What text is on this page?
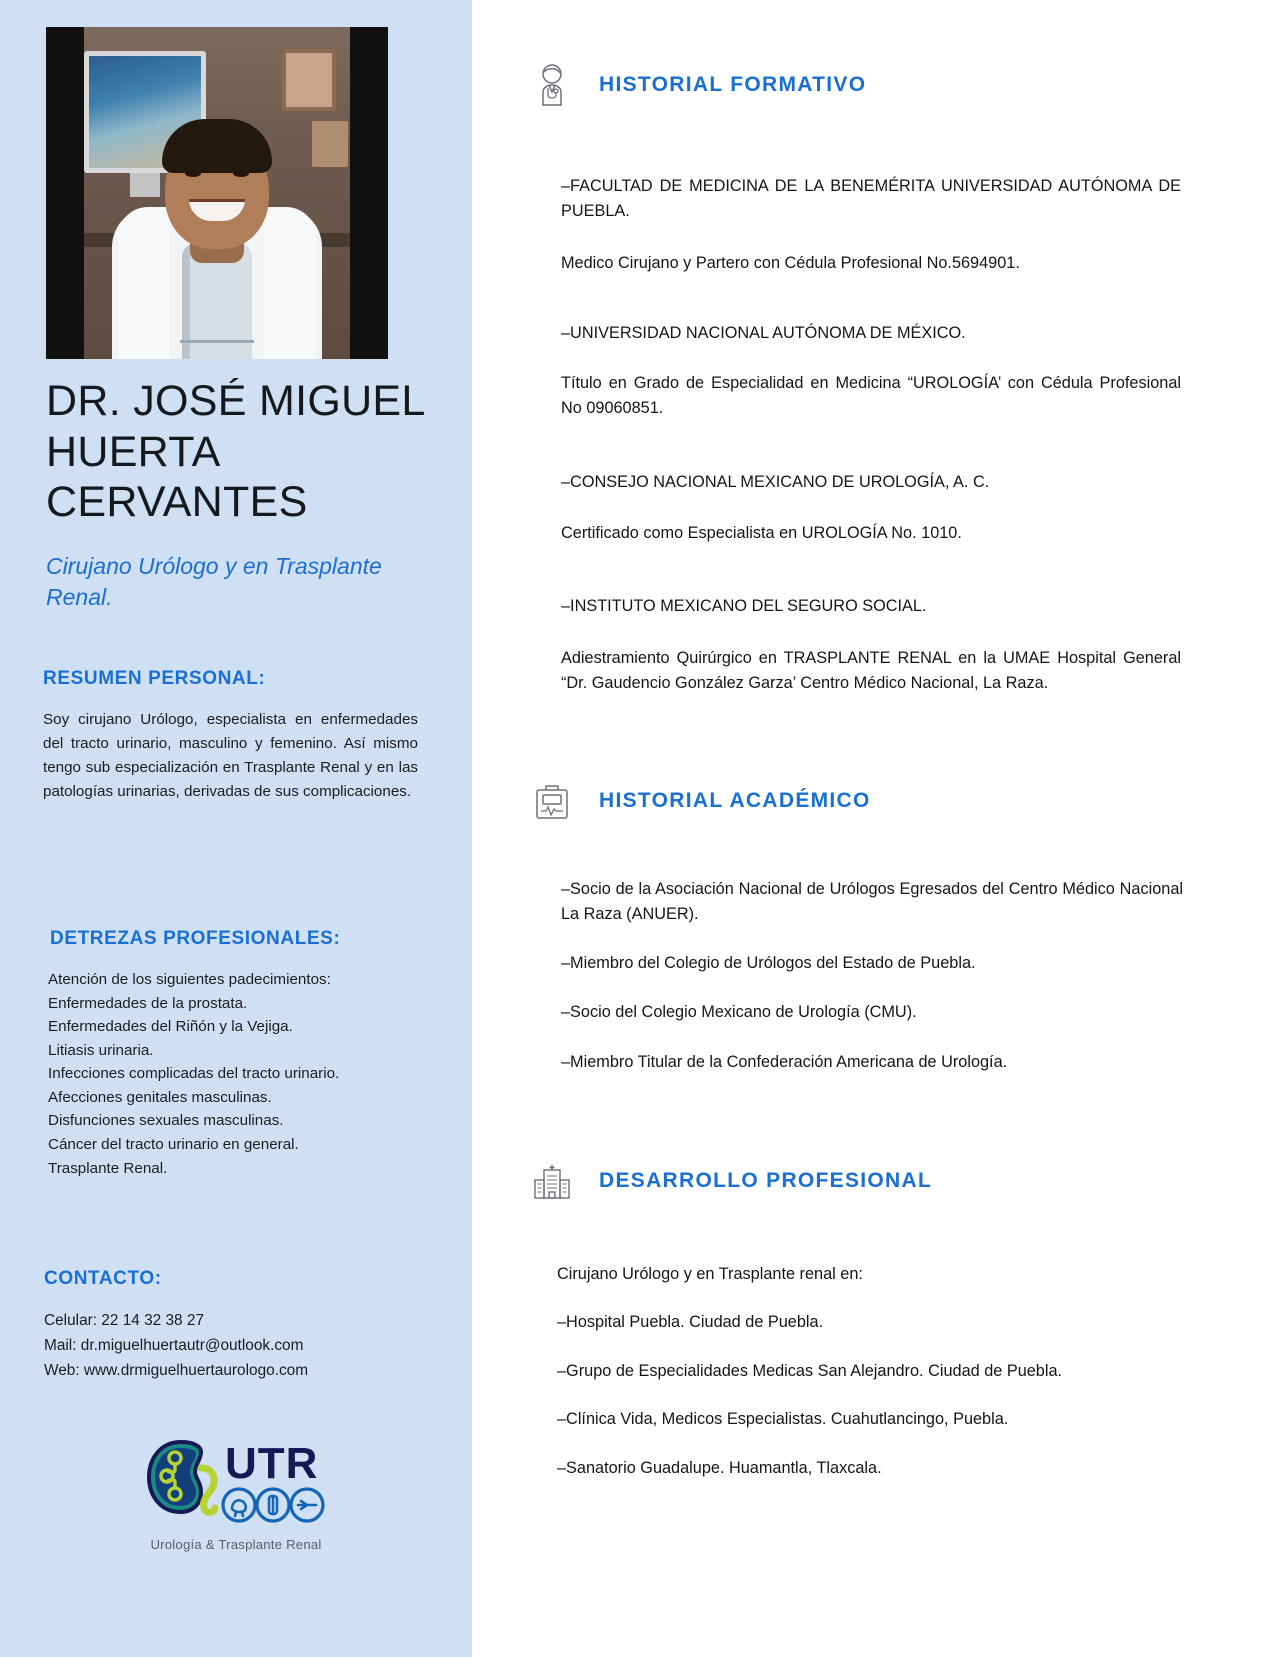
DR. JOSÉ MIGUEL HUERTA CERVANTES
Cirujano Urólogo y en Trasplante Renal.
RESUMEN PERSONAL:

Soy cirujano Urólogo, especialista en enfermedades del tracto urinario, masculino y femenino. Así mismo tengo sub especialización en Trasplante Renal y en las patologías urinarias, derivadas de sus complicaciones.

DETREZAS PROFESIONALES:
Atención de los siguientes padecimientos:
Enfermedades de la prostata.
Enfermedades del Riñón y la Vejiga.
Litiasis urinaria.
Infecciones complicadas del tracto urinario.
Afecciones genitales masculinas.
Disfunciones sexuales masculinas.
Cáncer del tracto urinario en general.
Trasplante Renal.
CONTACTO:
Celular: 22 14 32 38 27
Mail: dr.miguelhuertautr@outlook.com
Web: www.drmiguelhuertaurologo.com
UTR
Urología & Trasplante Renal
HISTORIAL FORMATIVO

–FACULTAD DE MEDICINA DE LA BENEMÉRITA UNIVERSIDAD AUTÓNOMA DE PUEBLA.

Medico Cirujano y Partero con Cédula Profesional No.5694901.

–UNIVERSIDAD NACIONAL AUTÓNOMA DE MÉXICO.

Título en Grado de Especialidad en Medicina “UROLOGÍA’ con Cédula Profesional No 09060851.

–CONSEJO NACIONAL MEXICANO DE UROLOGÍA, A. C.

Certificado como Especialista en UROLOGÍA No. 1010.

–INSTITUTO MEXICANO DEL SEGURO SOCIAL.

Adiestramiento Quirúrgico en TRASPLANTE RENAL en la UMAE Hospital General “Dr. Gaudencio González Garza’ Centro Médico Nacional, La Raza.

HISTORIAL ACADÉMICO

–Socio de la Asociación Nacional de Urólogos Egresados del Centro Médico Nacional La Raza (ANUER).

–Miembro del Colegio de Urólogos del Estado de Puebla.

–Socio del Colegio Mexicano de Urología (CMU).

–Miembro Titular de la Confederación Americana de Urología.

DESARROLLO PROFESIONAL

Cirujano Urólogo y en Trasplante renal en:

–Hospital Puebla. Ciudad de Puebla.

–Grupo de Especialidades Medicas San Alejandro. Ciudad de Puebla.

–Clínica Vida, Medicos Especialistas. Cuahutlancingo, Puebla.

–Sanatorio Guadalupe. Huamantla, Tlaxcala.
